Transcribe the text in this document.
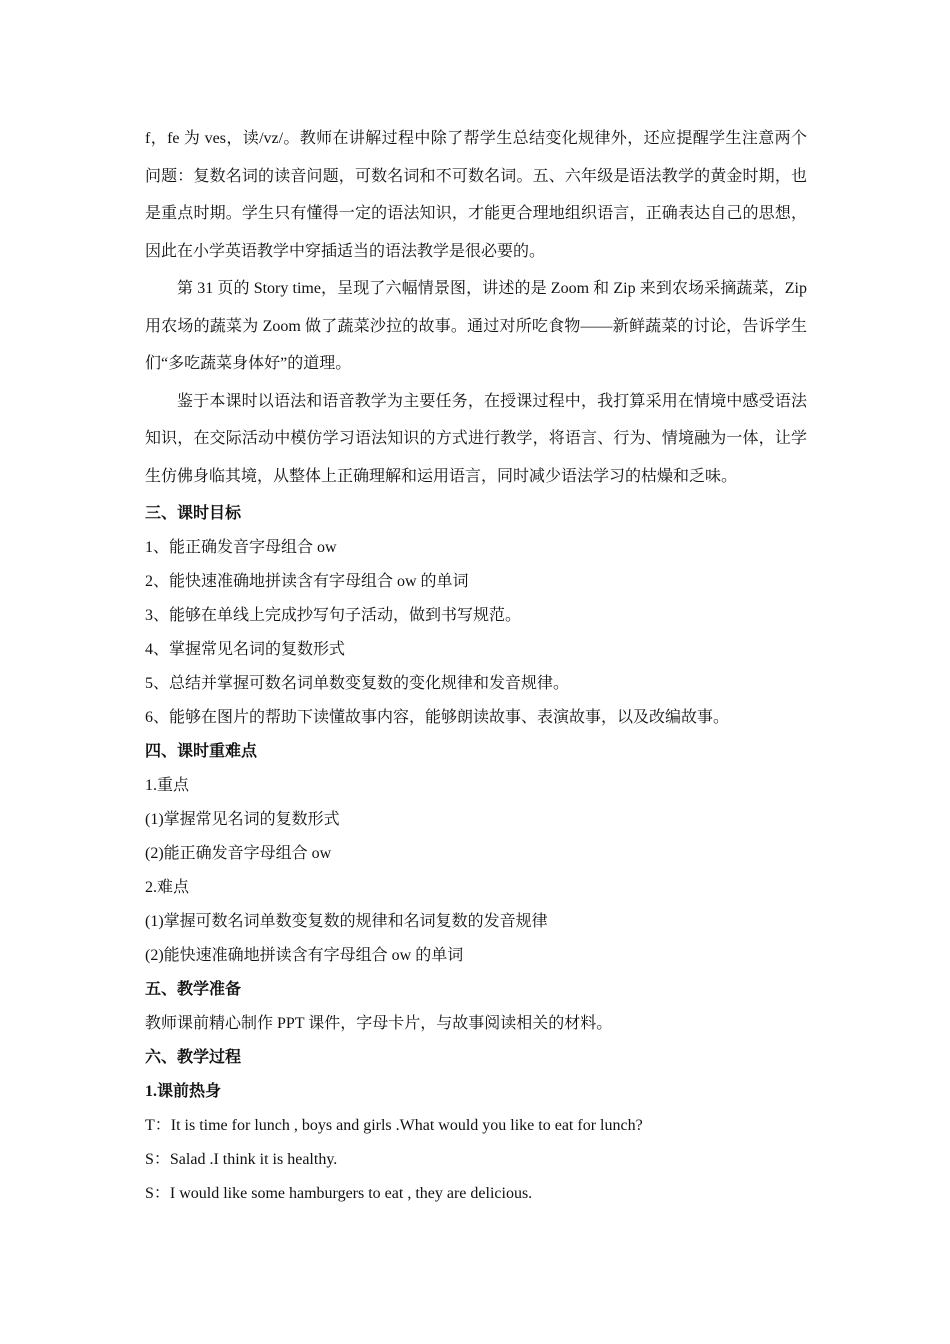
f，fe 为 ves，读/vz/。教师在讲解过程中除了帮学生总结变化规律外，还应提醒学生注意两个问题：复数名词的读音问题，可数名词和不可数名词。五、六年级是语法教学的黄金时期，也是重点时期。学生只有懂得一定的语法知识，才能更合理地组织语言，正确表达自己的思想，因此在小学英语教学中穿插适当的语法教学是很必要的。

第 31 页的 Story time，呈现了六幅情景图，讲述的是 Zoom 和 Zip 来到农场采摘蔬菜，Zip 用农场的蔬菜为 Zoom 做了蔬菜沙拉的故事。通过对所吃食物——新鲜蔬菜的讨论，告诉学生们“多吃蔬菜身体好”的道理。

鉴于本课时以语法和语音教学为主要任务，在授课过程中，我打算采用在情境中感受语法知识，在交际活动中模仿学习语法知识的方式进行教学，将语言、行为、情境融为一体，让学生仿佛身临其境，从整体上正确理解和运用语言，同时减少语法学习的枯燥和乏味。

三、课时目标

1、能正确发音字母组合 ow

2、能快速准确地拼读含有字母组合 ow 的单词

3、能够在单线上完成抄写句子活动，做到书写规范。

4、掌握常见名词的复数形式

5、总结并掌握可数名词单数变复数的变化规律和发音规律。

6、能够在图片的帮助下读懂故事内容，能够朗读故事、表演故事，以及改编故事。

四、课时重难点

1.重点

(1)掌握常见名词的复数形式

(2)能正确发音字母组合 ow

2.难点

(1)掌握可数名词单数变复数的规律和名词复数的发音规律

(2)能快速准确地拼读含有字母组合 ow 的单词

五、教学准备

教师课前精心制作 PPT 课件，字母卡片，与故事阅读相关的材料。

六、教学过程

1.课前热身

T：It is time for lunch , boys and girls .What would you like to eat for lunch?

S：Salad .I think it is healthy.

S：I would like some hamburgers to eat , they are delicious.
